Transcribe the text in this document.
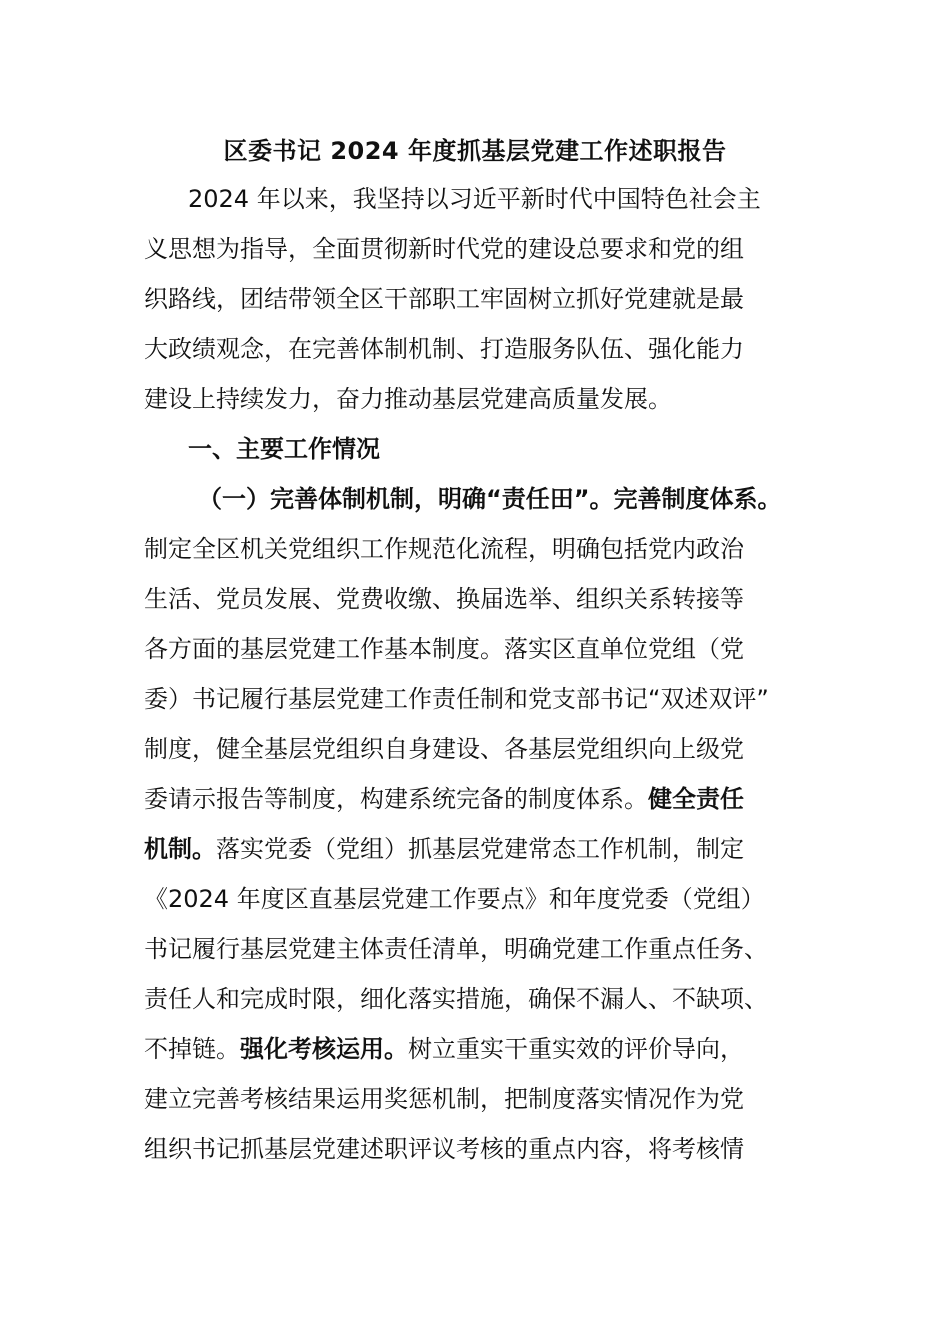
区委书记 2024 年度抓基层党建工作述职报告
2024 年以来，我坚持以习近平新时代中国特色社会主
义思想为指导，全面贯彻新时代党的建设总要求和党的组
织路线，团结带领全区干部职工牢固树立抓好党建就是最
大政绩观念，在完善体制机制、打造服务队伍、强化能力
建设上持续发力，奋力推动基层党建高质量发展。
一、主要工作情况
（一）完善体制机制，明确“责任田”。完善制度体系。
制定全区机关党组织工作规范化流程，明确包括党内政治
生活、党员发展、党费收缴、换届选举、组织关系转接等
各方面的基层党建工作基本制度。落实区直单位党组（党
委）书记履行基层党建工作责任制和党支部书记“双述双评”
制度，健全基层党组织自身建设、各基层党组织向上级党
委请示报告等制度，构建系统完备的制度体系。健全责任
机制。落实党委（党组）抓基层党建常态工作机制，制定
《2024 年度区直基层党建工作要点》和年度党委（党组）
书记履行基层党建主体责任清单，明确党建工作重点任务、
责任人和完成时限，细化落实措施，确保不漏人、不缺项、
不掉链。强化考核运用。树立重实干重实效的评价导向，
建立完善考核结果运用奖惩机制，把制度落实情况作为党
组织书记抓基层党建述职评议考核的重点内容，将考核情
